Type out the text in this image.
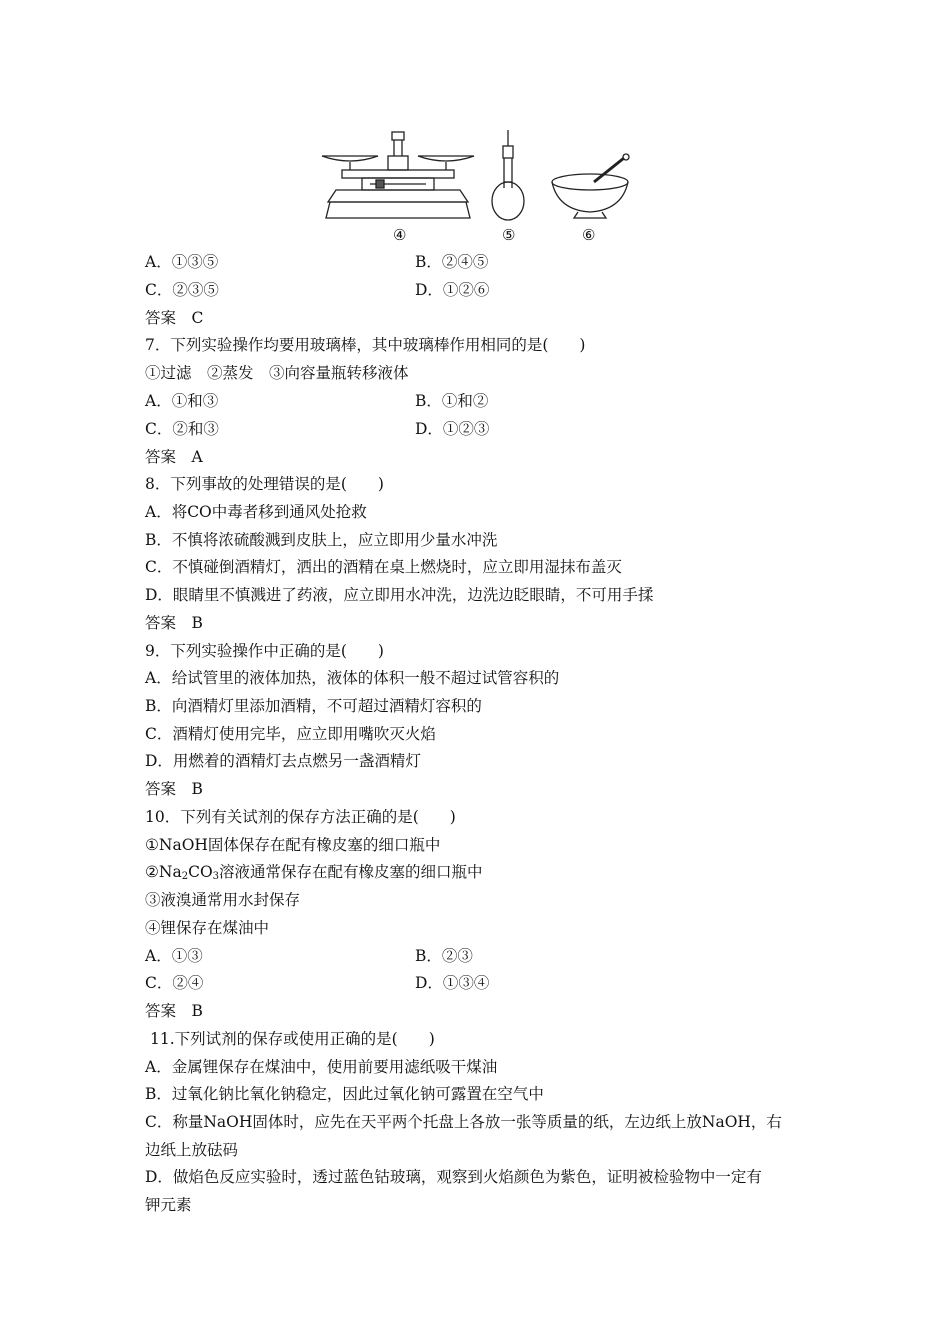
④	⑤	⑥
A．①③⑤	B．②④⑤
C．②③⑤	D．①②⑥
答案　C
7．下列实验操作均要用玻璃棒，其中玻璃棒作用相同的是(　　)
①过滤　②蒸发　③向容量瓶转移液体
A．①和③	B．①和②
C．②和③	D．①②③
答案　A
8．下列事故的处理错误的是(　　)
A．将CO中毒者移到通风处抢救
B．不慎将浓硫酸溅到皮肤上，应立即用少量水冲洗
C．不慎碰倒酒精灯，洒出的酒精在桌上燃烧时，应立即用湿抹布盖灭
D．眼睛里不慎溅进了药液，应立即用水冲洗，边洗边眨眼睛，不可用手揉
答案　B
9．下列实验操作中正确的是(　　)
A．给试管里的液体加热，液体的体积一般不超过试管容积的
B．向酒精灯里添加酒精，不可超过酒精灯容积的
C．酒精灯使用完毕，应立即用嘴吹灭火焰
D．用燃着的酒精灯去点燃另一盏酒精灯
答案　B
10．下列有关试剂的保存方法正确的是(　　)
①NaOH固体保存在配有橡皮塞的细口瓶中
$②Na_2CO_3$溶液通常保存在配有橡皮塞的细口瓶中
③液溴通常用水封保存
④锂保存在煤油中
A．①③	B．②③
C．②④	D．①③④
答案　B
11.下列试剂的保存或使用正确的是(　　)
A．金属锂保存在煤油中，使用前要用滤纸吸干煤油
B．过氧化钠比氧化钠稳定，因此过氧化钠可露置在空气中
C．称量NaOH固体时，应先在天平两个托盘上各放一张等质量的纸，左边纸上放NaOH，右
边纸上放砝码
D．做焰色反应实验时，透过蓝色钴玻璃，观察到火焰颜色为紫色，证明被检验物中一定有
钾元素
